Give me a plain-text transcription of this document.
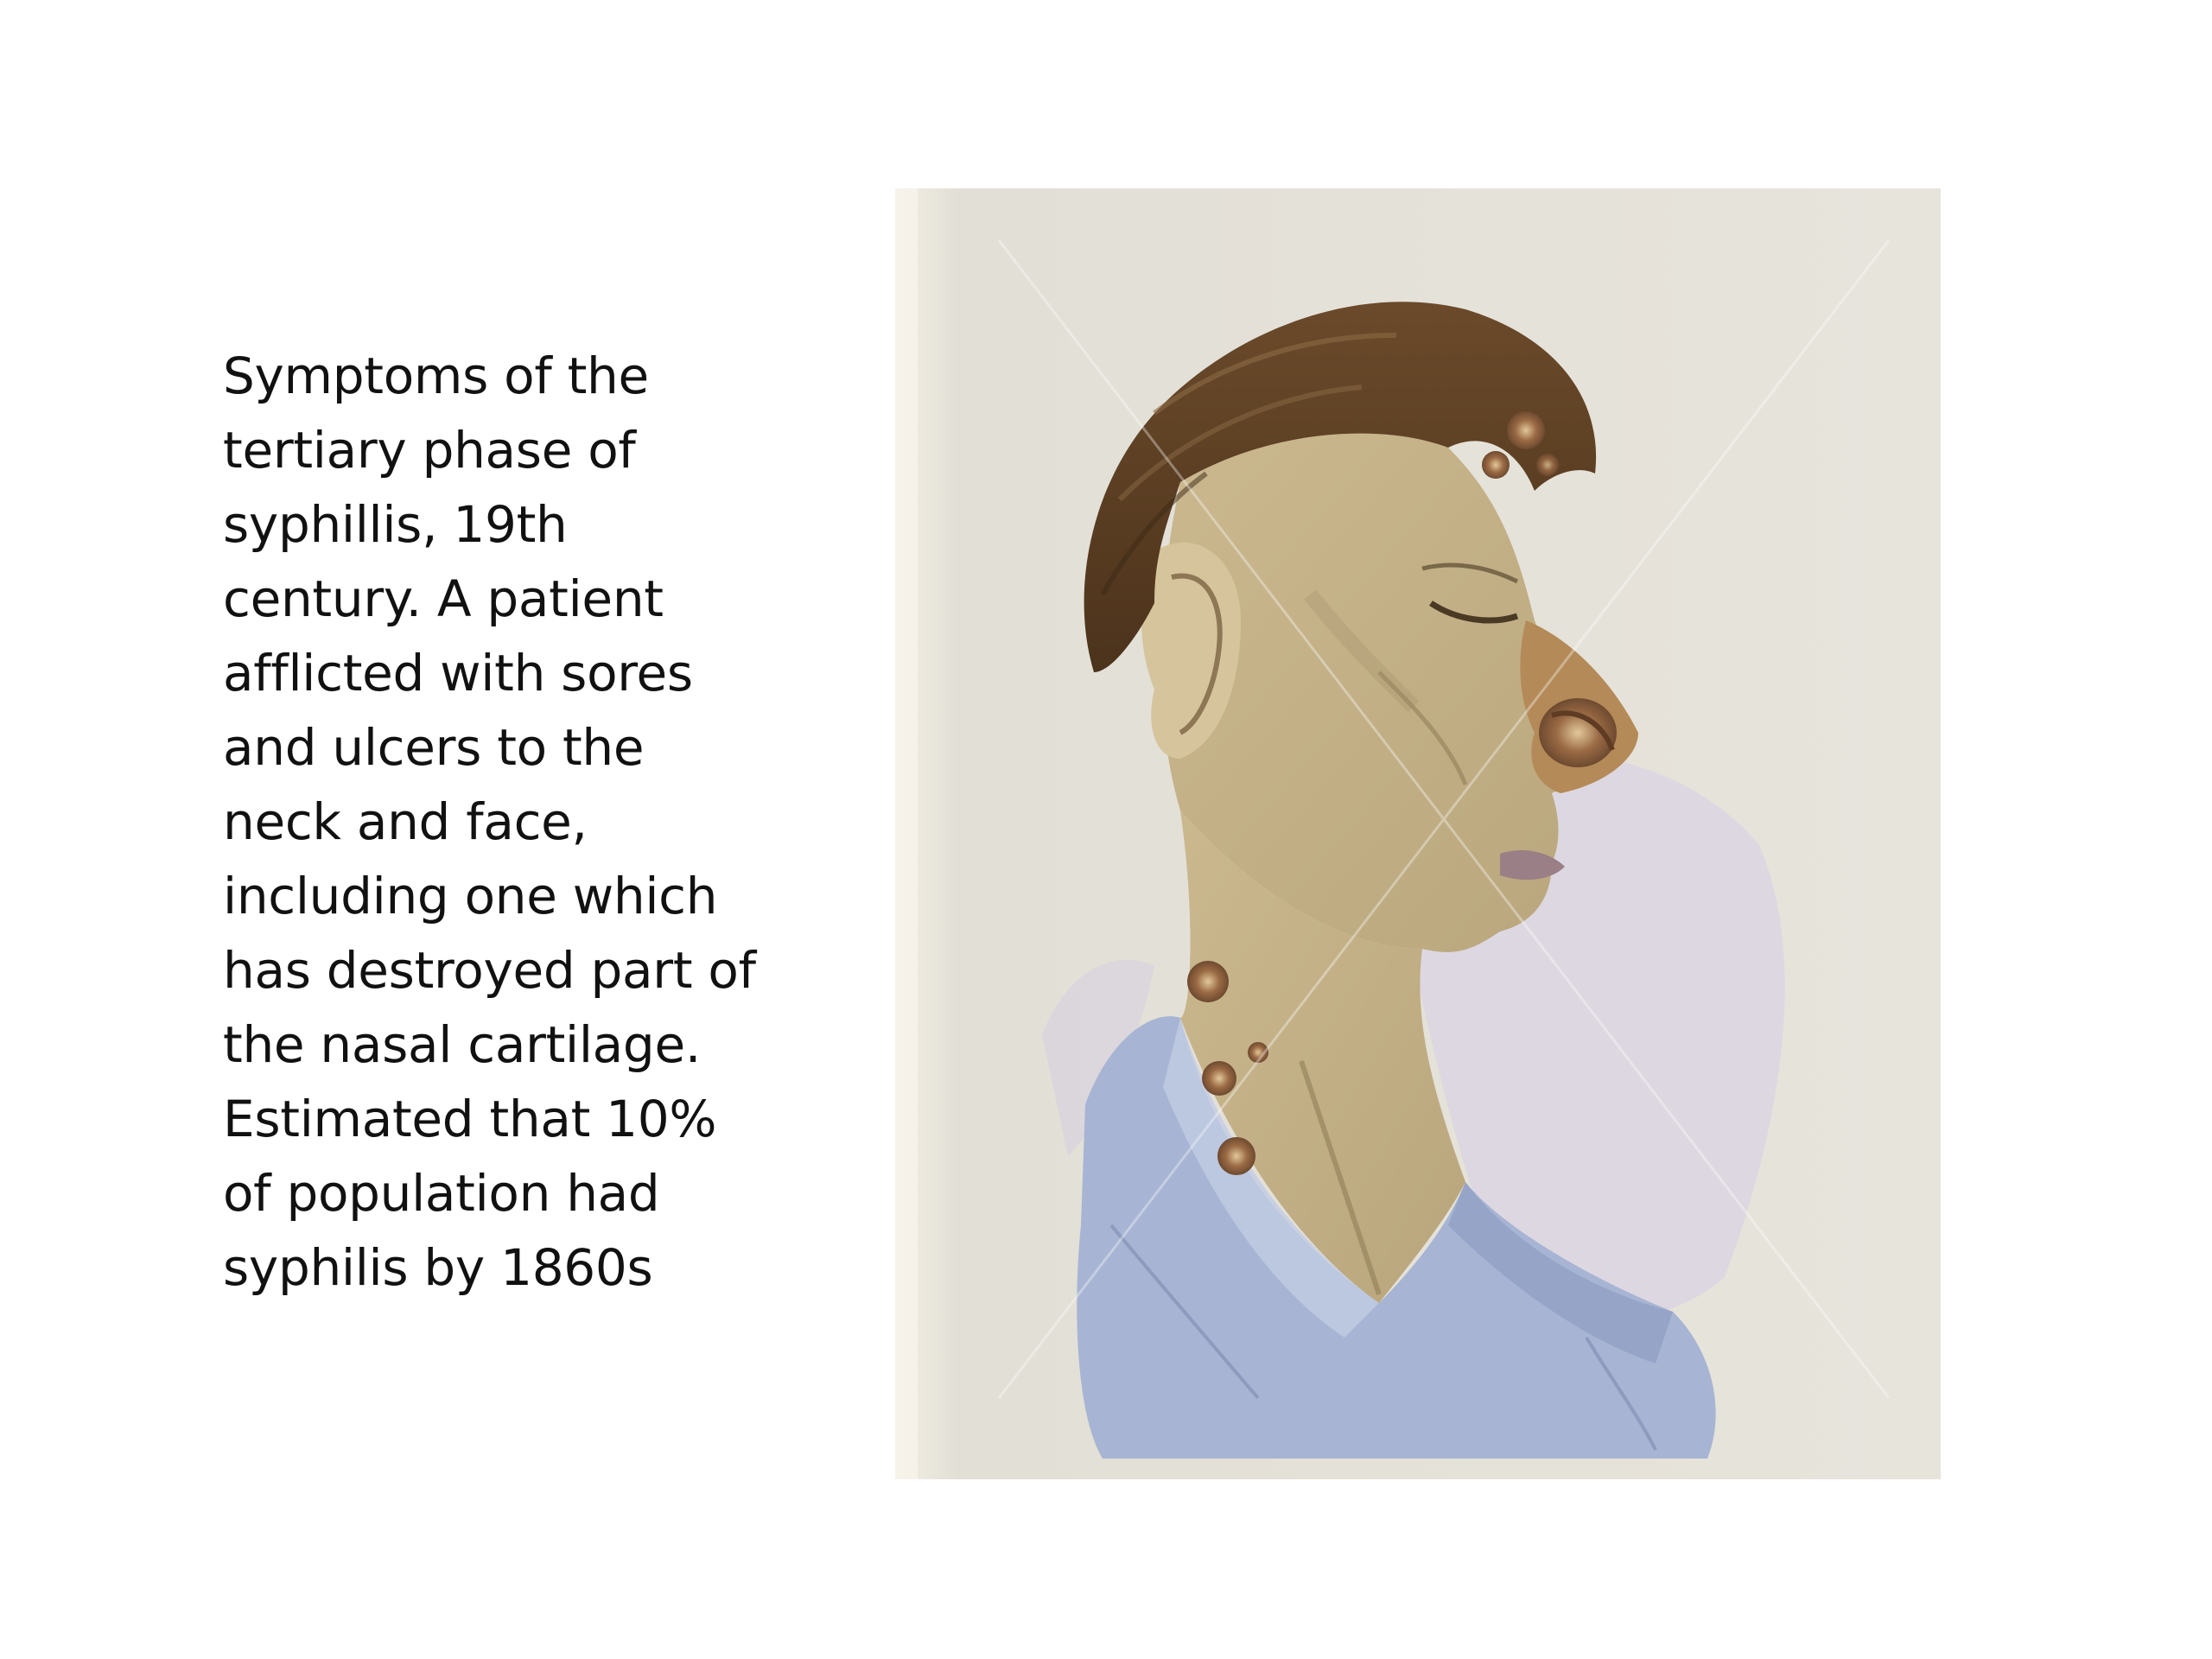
Symptoms of the
tertiary phase of
syphillis, 19th
century. A patient
afflicted with sores
and ulcers to the
neck and face,
including one which
has destroyed part of
the nasal cartilage.
Estimated that 10%
of population had
syphilis by 1860s
